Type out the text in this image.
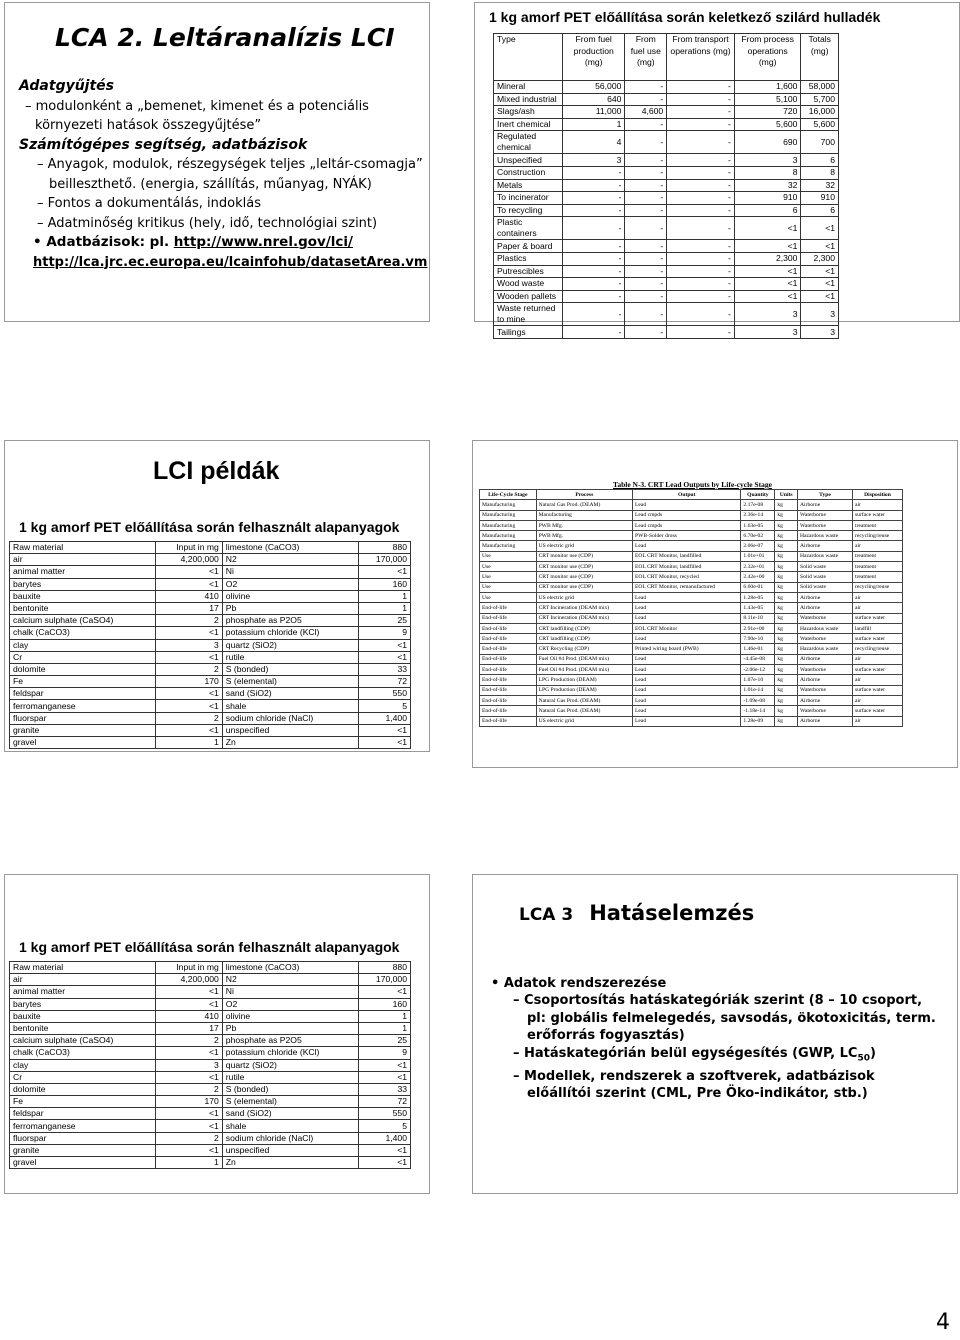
LCA 2. Leltáranalízis LCI
Adatgyűjtés
– modulonként a „bemenet, kimenet és a potenciális környezeti hatások összegyűjtése”
Számítógépes segítség, adatbázisok
– Anyagok, modulok, részegységek teljes „leltár-csomagja” beilleszthető. (energia, szállítás, műanyag, NYÁK)
– Fontos a dokumentálás, indoklás
– Adatminőség kritikus (hely, idő, technológiai szint)
• Adatbázisok: pl. http://www.nrel.gov/lci/
http://lca.jrc.ec.europa.eu/lcainfohub/datasetArea.vm
1 kg amorf PET előállítása során keletkező szilárd hulladék
Type	From fuel production (mg)	From fuel use (mg)	From transport operations (mg)	From process operations (mg)	Totals (mg)
Mineral	56,000	-	-	1,600	58,000
Mixed industrial	640	-	-	5,100	5,700
Slags/ash	11,000	4,600	-	720	16,000
Inert chemical	1	-	-	5,600	5,600
Regulated chemical	4	-	-	690	700
Unspecified	3	-	-	3	6
Construction	-	-	-	8	8
Metals	-	-	-	32	32
To incinerator	-	-	-	910	910
To recycling	-	-	-	6	6
Plastic containers	-	-	-	<1	<1
Paper & board	-	-	-	<1	<1
Plastics	-	-	-	2,300	2,300
Putrescibles	-	-	-	<1	<1
Wood waste	-	-	-	<1	<1
Wooden pallets	-	-	-	<1	<1
Waste returned to mine	-	-	-	3	3
Tailings	-	-	-	3	3
LCI példák
1 kg amorf PET előállítása során felhasznált alapanyagok
Raw material	Input in mg	limestone (CaCO3)	880
air	4,200,000	N2	170,000
animal matter	<1	Ni	<1
barytes	<1	O2	160
bauxite	410	olivine	1
bentonite	17	Pb	1
calcium sulphate (CaSO4)	2	phosphate as P2O5	25
chalk (CaCO3)	<1	potassium chloride (KCl)	9
clay	3	quartz (SiO2)	<1
Cr	<1	rutile	<1
dolomite	2	S (bonded)	33
Fe	170	S (elemental)	72
feldspar	<1	sand (SiO2)	550
ferromanganese	<1	shale	5
fluorspar	2	sodium chloride (NaCl)	1,400
granite	<1	unspecified	<1
gravel	1	Zn	<1
Table N-3. CRT Lead Outputs by Life-cycle Stage
Life-Cycle Stage	Process	Output	Quantity	Units	Type	Disposition
Manufacturing	Natural Gas Prod. (DEAM)	Lead	2.17e-08	kg	Airborne	air
Manufacturing	Manufacturing	Lead cmpds	2.36e-14	kg	Waterborne	surface water
Manufacturing	PWB Mfg.	Lead cmpds	1.63e-05	kg	Waterborne	treatment
Manufacturing	PWB Mfg.	PWB-Solder dross	6.70e-02	kg	Hazardous waste	recycling/reuse
Manufacturing	US electric grid	Lead	2.06e-07	kg	Airborne	air
Use	CRT monitor use (CDP)	EOL CRT Monitor, landfilled	1.01e+01	kg	Hazardous waste	treatment
Use	CRT monitor use (CDP)	EOL CRT Monitor, landfilled	2.32e+01	kg	Solid waste	treatment
Use	CRT monitor use (CDP)	EOL CRT Monitor, recycled	2.42e+00	kg	Solid waste	treatment
Use	CRT monitor use (CDP)	EOL CRT Monitor, remanufactured	6.60e-01	kg	Solid waste	recycling/reuse
Use	US electric grid	Lead	1.28e-05	kg	Airborne	air
End-of-life	CRT Incineration (DEAM mix)	Lead	1.43e-05	kg	Airborne	air
End-of-life	CRT Incineration (DEAM mix)	Lead	8.11e-10	kg	Waterborne	surface water
End-of-life	CRT landfilling (CDP)	EOL CRT Monitor	2.91e+00	kg	Hazardous waste	landfill
End-of-life	CRT landfilling (CDP)	Lead	7.90e-10	kg	Waterborne	surface water
End-of-life	CRT Recycling (CDP)	Printed wiring board (PWB)	1.46e-01	kg	Hazardous waste	recycling/reuse
End-of-life	Fuel Oil #4 Prod. (DEAM mix)	Lead	-4.45e-08	kg	Airborne	air
End-of-life	Fuel Oil #4 Prod. (DEAM mix)	Lead	-2.06e-12	kg	Waterborne	surface water
End-of-life	LPG Production (DEAM)	Lead	1.07e-10	kg	Airborne	air
End-of-life	LPG Production (DEAM)	Lead	1.01e-14	kg	Waterborne	surface water
End-of-life	Natural Gas Prod. (DEAM)	Lead	-1.09e-08	kg	Airborne	air
End-of-life	Natural Gas Prod. (DEAM)	Lead	-1.18e-14	kg	Waterborne	surface water
End-of-life	US electric grid	Lead	1.28e-09	kg	Airborne	air
1 kg amorf PET előállítása során felhasznált alapanyagok
Raw material	Input in mg	limestone (CaCO3)	880
air	4,200,000	N2	170,000
animal matter	<1	Ni	<1
barytes	<1	O2	160
bauxite	410	olivine	1
bentonite	17	Pb	1
calcium sulphate (CaSO4)	2	phosphate as P2O5	25
chalk (CaCO3)	<1	potassium chloride (KCl)	9
clay	3	quartz (SiO2)	<1
Cr	<1	rutile	<1
dolomite	2	S (bonded)	33
Fe	170	S (elemental)	72
feldspar	<1	sand (SiO2)	550
ferromanganese	<1	shale	5
fluorspar	2	sodium chloride (NaCl)	1,400
granite	<1	unspecified	<1
gravel	1	Zn	<1
LCA 3 Hatáselemzés
• Adatok rendszerezése
– Csoportosítás hatáskategóriák szerint (8 – 10 csoport, pl: globális felmelegedés, savsodás, ökotoxicitás, term. erőforrás fogyasztás)
– Hatáskategórián belül egységesítés (GWP, $LC_{50}$)
– Modellek, rendszerek a szoftverek, adatbázisok előállítói szerint (CML, Pre Öko-indikátor, stb.)
4
